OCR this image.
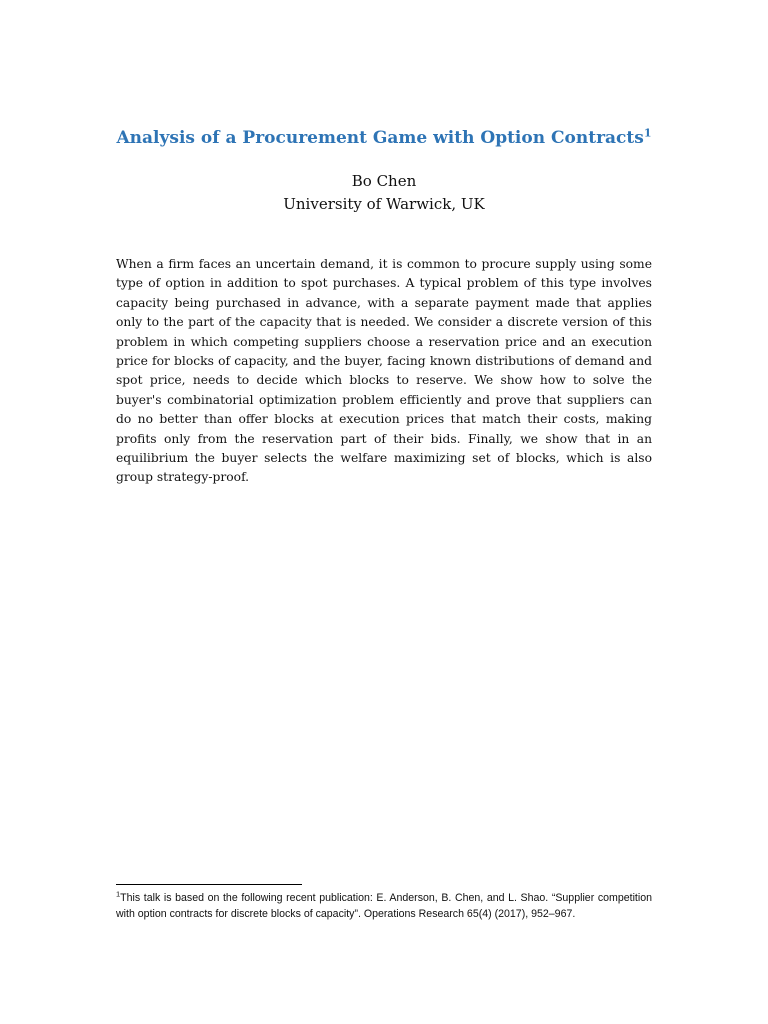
Analysis of a Procurement Game with Option Contracts$^1$
Bo Chen
University of Warwick, UK

When a firm faces an uncertain demand, it is common to procure supply using some type of option in addition to spot purchases. A typical problem of this type involves capacity being purchased in advance, with a separate payment made that applies only to the part of the capacity that is needed. We consider a discrete version of this problem in which competing suppliers choose a reservation price and an execution price for blocks of capacity, and the buyer, facing known distributions of demand and spot price, needs to decide which blocks to reserve. We show how to solve the buyer's combinatorial optimization problem efficiently and prove that suppliers can do no better than offer blocks at execution prices that match their costs, making profits only from the reservation part of their bids. Finally, we show that in an equilibrium the buyer selects the welfare maximizing set of blocks, which is also group strategy-proof.

$^1$This talk is based on the following recent publication: E. Anderson, B. Chen, and L. Shao. “Supplier competition with option contracts for discrete blocks of capacity”. Operations Research 65(4) (2017), 952–967.
